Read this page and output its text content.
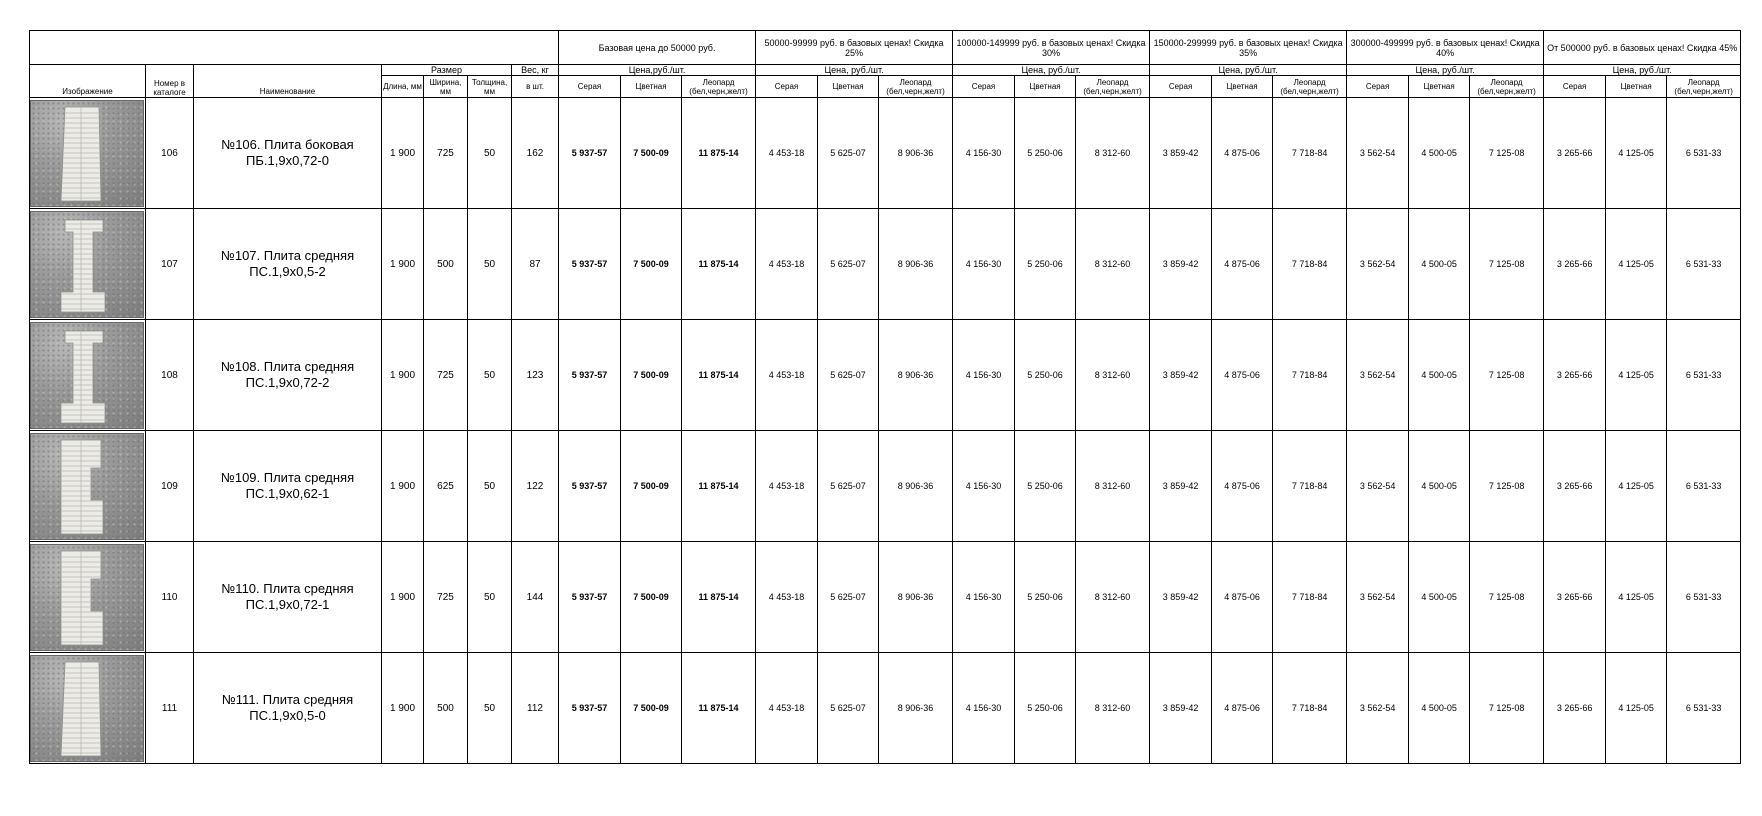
							Базовая цена до 50000 руб.			50000-99999 руб. в базовых ценах! Скидка 25%			100000-149999 руб. в базовых ценах! Скидка 30%			150000-299999 руб. в базовых ценах! Скидка 35%			300000-499999 руб. в базовых ценах! Скидка 40%			От 500000 руб. в базовых ценах! Скидка 45%		
Изображение	Номер в каталоге	Наименование	Размер			Вес, кг	Цена,руб./шт.			Цена, руб./шт.			Цена, руб./шт.			Цена, руб./шт.			Цена, руб./шт.			Цена, руб./шт.		
			Длина, мм	Ширина, мм	Толщина, мм	в шт.	Серая	Цветная	Леопард (бел,черн,желт)	Серая	Цветная	Леопард (бел,черн,желт)	Серая	Цветная	Леопард (бел,черн,желт)	Серая	Цветная	Леопард (бел,черн,желт)	Серая	Цветная	Леопард (бел,черн,желт)	Серая	Цветная	Леопард (бел,черн,желт)

	106	№106. Плита боковая ПБ.1,9х0,72-0	1 900	725	50	162	5 937-57	7 500-09	11 875-14	4 453-18	5 625-07	8 906-36	4 156-30	5 250-06	8 312-60	3 859-42	4 875-06	7 718-84	3 562-54	4 500-05	7 125-08	3 265-66	4 125-05	6 531-33

	107	№107. Плита средняя ПС.1,9х0,5-2	1 900	500	50	87	5 937-57	7 500-09	11 875-14	4 453-18	5 625-07	8 906-36	4 156-30	5 250-06	8 312-60	3 859-42	4 875-06	7 718-84	3 562-54	4 500-05	7 125-08	3 265-66	4 125-05	6 531-33

	108	№108. Плита средняя ПС.1,9х0,72-2	1 900	725	50	123	5 937-57	7 500-09	11 875-14	4 453-18	5 625-07	8 906-36	4 156-30	5 250-06	8 312-60	3 859-42	4 875-06	7 718-84	3 562-54	4 500-05	7 125-08	3 265-66	4 125-05	6 531-33

	109	№109. Плита средняя ПС.1,9х0,62-1	1 900	625	50	122	5 937-57	7 500-09	11 875-14	4 453-18	5 625-07	8 906-36	4 156-30	5 250-06	8 312-60	3 859-42	4 875-06	7 718-84	3 562-54	4 500-05	7 125-08	3 265-66	4 125-05	6 531-33

	110	№110. Плита средняя ПС.1,9х0,72-1	1 900	725	50	144	5 937-57	7 500-09	11 875-14	4 453-18	5 625-07	8 906-36	4 156-30	5 250-06	8 312-60	3 859-42	4 875-06	7 718-84	3 562-54	4 500-05	7 125-08	3 265-66	4 125-05	6 531-33

	111	№111. Плита средняя ПС.1,9х0,5-0	1 900	500	50	112	5 937-57	7 500-09	11 875-14	4 453-18	5 625-07	8 906-36	4 156-30	5 250-06	8 312-60	3 859-42	4 875-06	7 718-84	3 562-54	4 500-05	7 125-08	3 265-66	4 125-05	6 531-33
